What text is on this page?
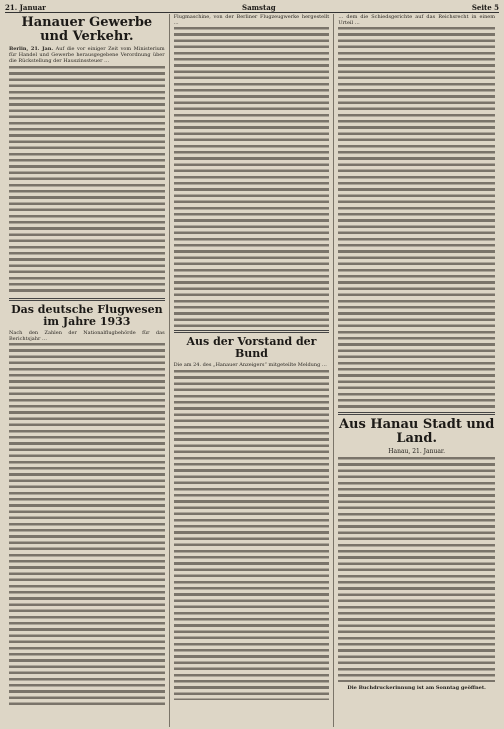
21. Januar	Samstag	Seite 5
Hanauer Gewerbe und Verkehr.
Berlin, 21. Jan. Auf die vor einiger Zeit vom Ministerium für Handel und Gewerbe herausgegebene Verordnung über die Rückstellung der Hauszinssteuer …
Das deutsche Flugwesen im Jahre 1933
Nach den Zahlen der Nationalflugbehörde für das Berichtsjahr …
Flugmaschine, von der Berliner Flugzeugwerke hergestellt …
Aus der Vorstand der Bund
Die am 24. des „Hanauer Anzeigers“ mitgeteilte Meldung …
… dem die Schiedsgerichte auf das Reichsrecht in einem Urteil …
Aus Hanau Stadt und Land.
Hanau, 21. Januar.
Die Buchdruckerinnung ist am Sonntag geöffnet.
